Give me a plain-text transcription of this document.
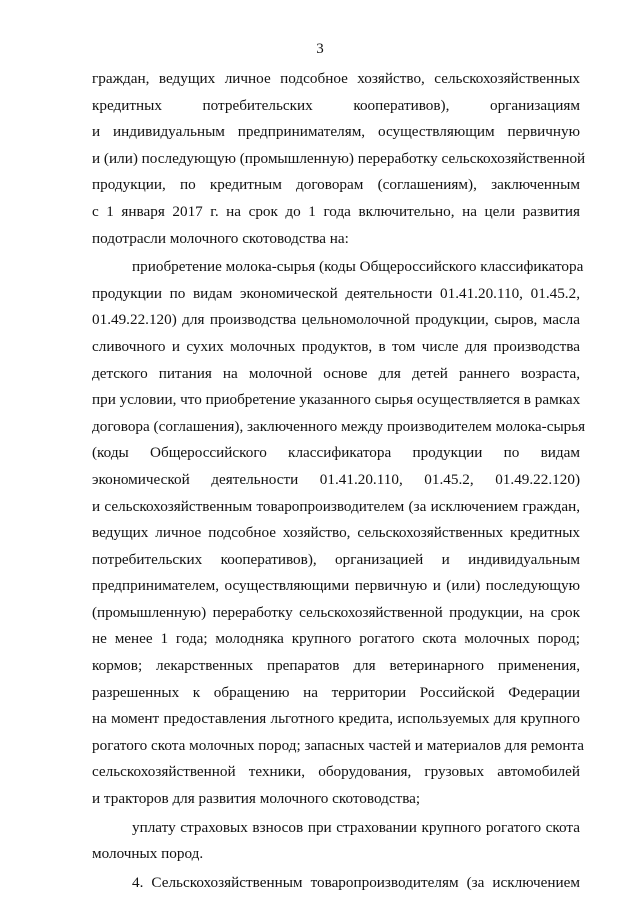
3
граждан, ведущих личное подсобное хозяйство, сельскохозяйственных
кредитных потребительских кооперативов), организациям
и индивидуальным предпринимателям, осуществляющим первичную
и (или) последующую (промышленную) переработку сельскохозяйственной
продукции, по кредитным договорам (соглашениям), заключенным
с 1 января 2017 г. на срок до 1 года включительно, на цели развития
подотрасли молочного скотоводства на:
приобретение молока-сырья (коды Общероссийского классификатора
продукции по видам экономической деятельности 01.41.20.110, 01.45.2,
01.49.22.120) для производства цельномолочной продукции, сыров, масла
сливочного и сухих молочных продуктов, в том числе для производства
детского питания на молочной основе для детей раннего возраста,
при условии, что приобретение указанного сырья осуществляется в рамках
договора (соглашения), заключенного между производителем молока-сырья
(коды Общероссийского классификатора продукции по видам
экономической деятельности 01.41.20.110, 01.45.2, 01.49.22.120)
и сельскохозяйственным товаропроизводителем (за исключением граждан,
ведущих личное подсобное хозяйство, сельскохозяйственных кредитных
потребительских кооперативов), организацией и индивидуальным
предпринимателем, осуществляющими первичную и (или) последующую
(промышленную) переработку сельскохозяйственной продукции, на срок
не менее 1 года; молодняка крупного рогатого скота молочных пород;
кормов; лекарственных препаратов для ветеринарного применения,
разрешенных к обращению на территории Российской Федерации
на момент предоставления льготного кредита, используемых для крупного
рогатого скота молочных пород; запасных частей и материалов для ремонта
сельскохозяйственной техники, оборудования, грузовых автомобилей
и тракторов для развития молочного скотоводства;
уплату страховых взносов при страховании крупного рогатого скота
молочных пород.
4. Сельскохозяйственным товаропроизводителям (за исключением
